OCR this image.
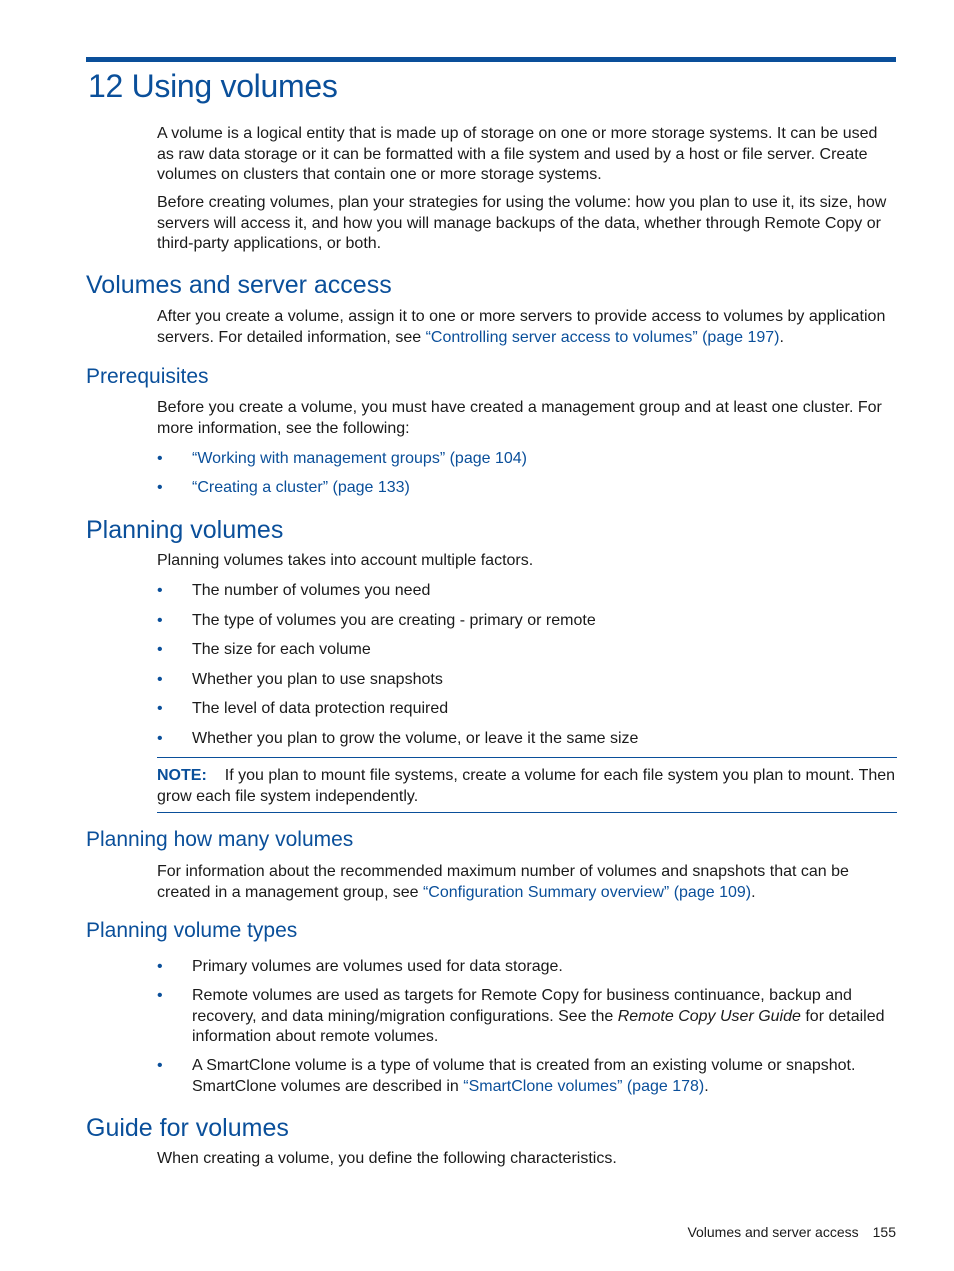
12 Using volumes

A volume is a logical entity that is made up of storage on one or more storage systems. It can be used as raw data storage or it can be formatted with a file system and used by a host or file server. Create volumes on clusters that contain one or more storage systems.

Before creating volumes, plan your strategies for using the volume: how you plan to use it, its size, how servers will access it, and how you will manage backups of the data, whether through Remote Copy or third-party applications, or both.

Volumes and server access

After you create a volume, assign it to one or more servers to provide access to volumes by application servers. For detailed information, see “Controlling server access to volumes” (page 197).

Prerequisites

Before you create a volume, you must have created a management group and at least one cluster. For more information, see the following:

• “Working with management groups” (page 104)
• “Creating a cluster” (page 133)
Planning volumes

Planning volumes takes into account multiple factors.

• The number of volumes you need
• The type of volumes you are creating - primary or remote
• The size for each volume
• Whether you plan to use snapshots
• The level of data protection required
• Whether you plan to grow the volume, or leave it the same size

NOTE: If you plan to mount file systems, create a volume for each file system you plan to mount. Then grow each file system independently.

Planning how many volumes

For information about the recommended maximum number of volumes and snapshots that can be created in a management group, see “Configuration Summary overview” (page 109).

Planning volume types
• Primary volumes are volumes used for data storage.
• Remote volumes are used as targets for Remote Copy for business continuance, backup and recovery, and data mining/migration configurations. See the Remote Copy User Guide for detailed information about remote volumes.
• A SmartClone volume is a type of volume that is created from an existing volume or snapshot. SmartClone volumes are described in “SmartClone volumes” (page 178).
Guide for volumes

When creating a volume, you define the following characteristics.

Volumes and server access 155
